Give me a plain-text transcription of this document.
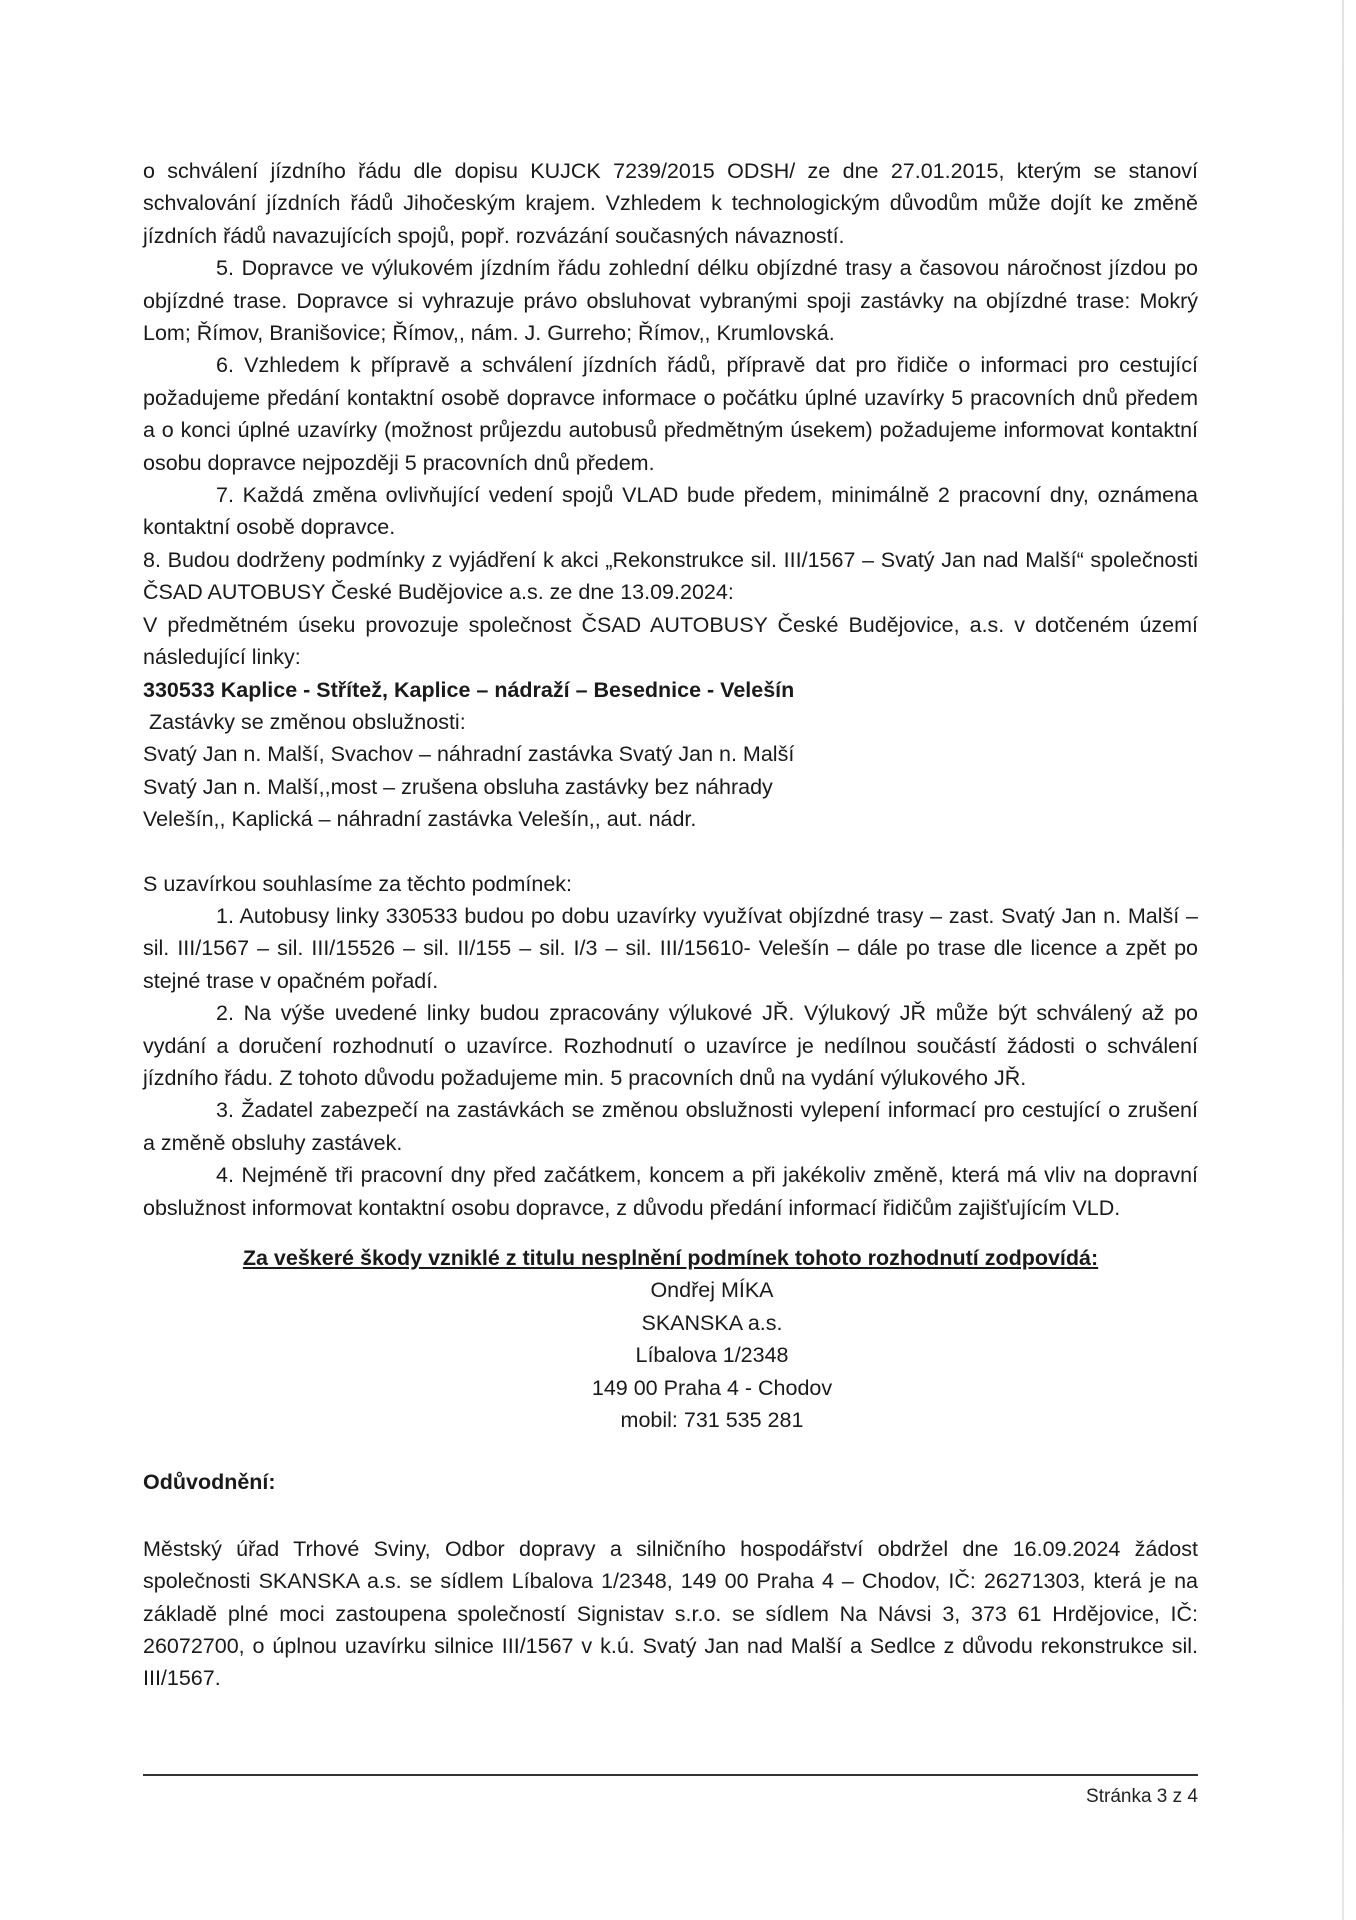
o schválení jízdního řádu dle dopisu KUJCK 7239/2015 ODSH/ ze dne 27.01.2015, kterým se stanoví schvalování jízdních řádů Jihočeským krajem. Vzhledem k technologickým důvodům může dojít ke změně jízdních řádů navazujících spojů, popř. rozvázání současných návazností.

5. Dopravce ve výlukovém jízdním řádu zohlední délku objízdné trasy a časovou náročnost jízdou po objízdné trase. Dopravce si vyhrazuje právo obsluhovat vybranými spoji zastávky na objízdné trase: Mokrý Lom; Římov, Branišovice; Římov,, nám. J. Gurreho; Římov,, Krumlovská.

6. Vzhledem k přípravě a schválení jízdních řádů, přípravě dat pro řidiče o informaci pro cestující požadujeme předání kontaktní osobě dopravce informace o počátku úplné uzavírky 5 pracovních dnů předem a o konci úplné uzavírky (možnost průjezdu autobusů předmětným úsekem) požadujeme informovat kontaktní osobu dopravce nejpozději 5 pracovních dnů předem.

7. Každá změna ovlivňující vedení spojů VLAD bude předem, minimálně 2 pracovní dny, oznámena kontaktní osobě dopravce.

8. Budou dodrženy podmínky z vyjádření k akci „Rekonstrukce sil. III/1567 – Svatý Jan nad Malší“ společnosti ČSAD AUTOBUSY České Budějovice a.s. ze dne 13.09.2024:

V předmětném úseku provozuje společnost ČSAD AUTOBUSY České Budějovice, a.s. v dotčeném území následující linky:

330533 Kaplice - Střítež, Kaplice – nádraží – Besednice - Velešín

Zastávky se změnou obslužnosti:

Svatý Jan n. Malší, Svachov – náhradní zastávka Svatý Jan n. Malší

Svatý Jan n. Malší,,most – zrušena obsluha zastávky bez náhrady

Velešín,, Kaplická – náhradní zastávka Velešín,, aut. nádr.

S uzavírkou souhlasíme za těchto podmínek:

1. Autobusy linky 330533 budou po dobu uzavírky využívat objízdné trasy – zast. Svatý Jan n. Malší – sil. III/1567 – sil. III/15526 – sil. II/155 – sil. I/3 – sil. III/15610- Velešín – dále po trase dle licence a zpět po stejné trase v opačném pořadí.

2. Na výše uvedené linky budou zpracovány výlukové JŘ. Výlukový JŘ může být schválený až po vydání a doručení rozhodnutí o uzavírce. Rozhodnutí o uzavírce je nedílnou součástí žádosti o schválení jízdního řádu. Z tohoto důvodu požadujeme min. 5 pracovních dnů na vydání výlukového JŘ.

3. Žadatel zabezpečí na zastávkách se změnou obslužnosti vylepení informací pro cestující o zrušení a změně obsluhy zastávek.

4. Nejméně tři pracovní dny před začátkem, koncem a při jakékoliv změně, která má vliv na dopravní obslužnost informovat kontaktní osobu dopravce, z důvodu předání informací řidičům zajišťujícím VLD.

Za veškeré škody vzniklé z titulu nesplnění podmínek tohoto rozhodnutí zodpovídá:

Ondřej MÍKA

SKANSKA a.s.

Líbalova 1/2348

149 00 Praha 4 - Chodov

mobil: 731 535 281

Odůvodnění:

Městský úřad Trhové Sviny, Odbor dopravy a silničního hospodářství obdržel dne 16.09.2024 žádost společnosti SKANSKA a.s. se sídlem Líbalova 1/2348, 149 00 Praha 4 – Chodov, IČ: 26271303, která je na základě plné moci zastoupena společností Signistav s.r.o. se sídlem Na Návsi 3, 373 61 Hrdějovice, IČ: 26072700, o úplnou uzavírku silnice III/1567 v k.ú. Svatý Jan nad Malší a Sedlce z důvodu rekonstrukce sil. III/1567.

Stránka 3 z 4
